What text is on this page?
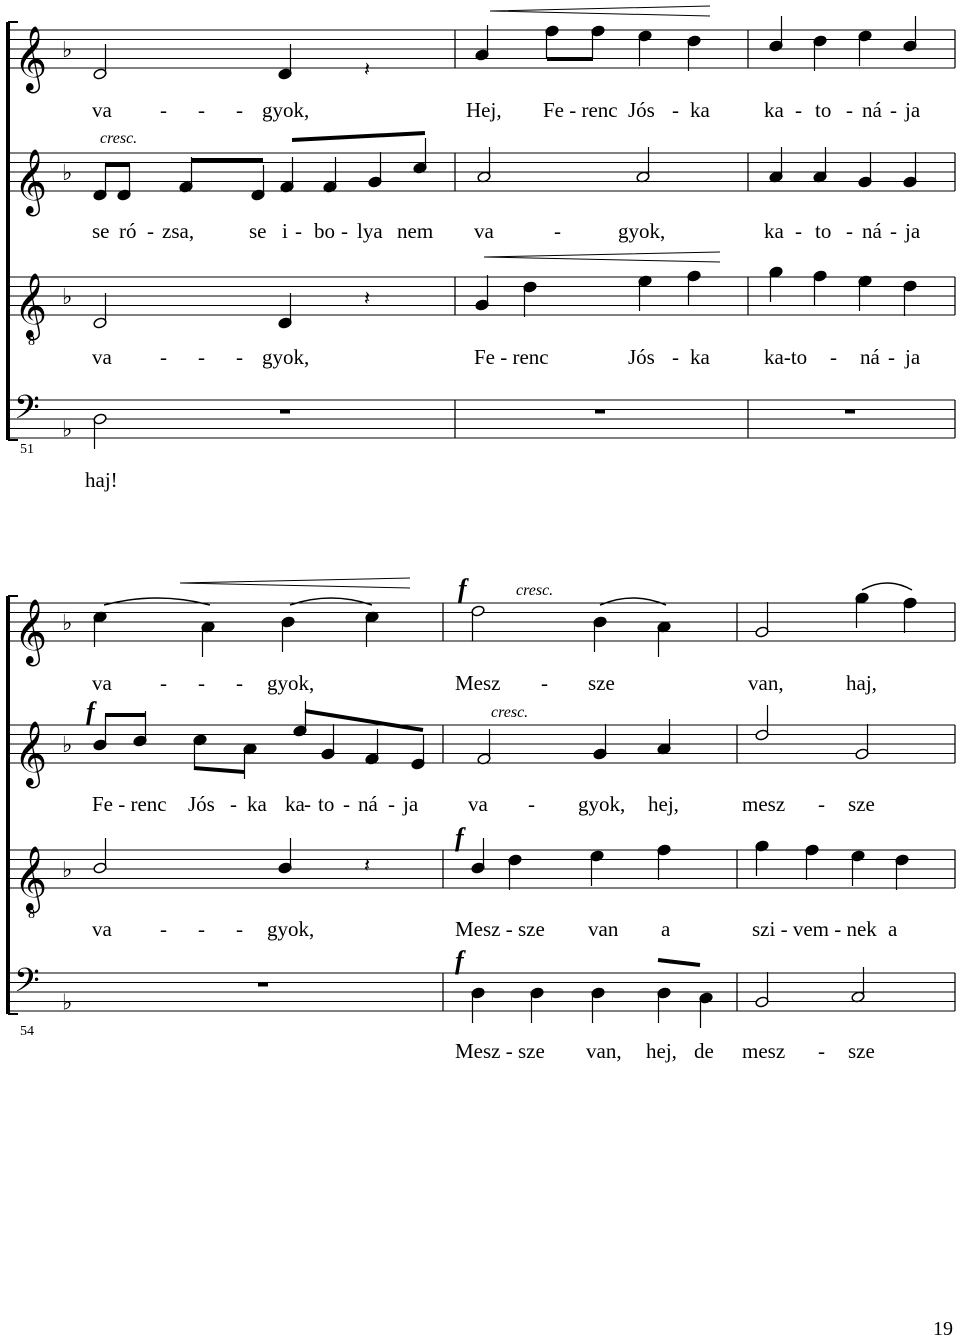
𝄞 ♭
𝄞 ♭
𝄞 ♭
8
𝄢 ♭
𝄞 ♭
𝄞 ♭
𝄞 ♭
8
𝄢 ♭
𝄽
𝄽
𝄽
cresc.
51
va - - - gyok,	Hej, Fe - renc Jós - ka	ka - to - ná - ja
se ró - zsa,	se i - bo - lya nem va	-	gyok,	ka - to - ná - ja
va - - - gyok,	Fe - renc	Jós - ka	ka-to - ná - ja
haj!
cresc.
cresc.
f
f
f
f
54
va - - - gyok,	Mesz - sze	van,	haj,
Fe - renc Jós - ka ka - to - ná - ja va - gyok, hej,	mesz - sze
va - - - gyok,	Mesz - sze van a	szi - vem - nek a
Mesz - sze van, hej, de mesz - sze
19
